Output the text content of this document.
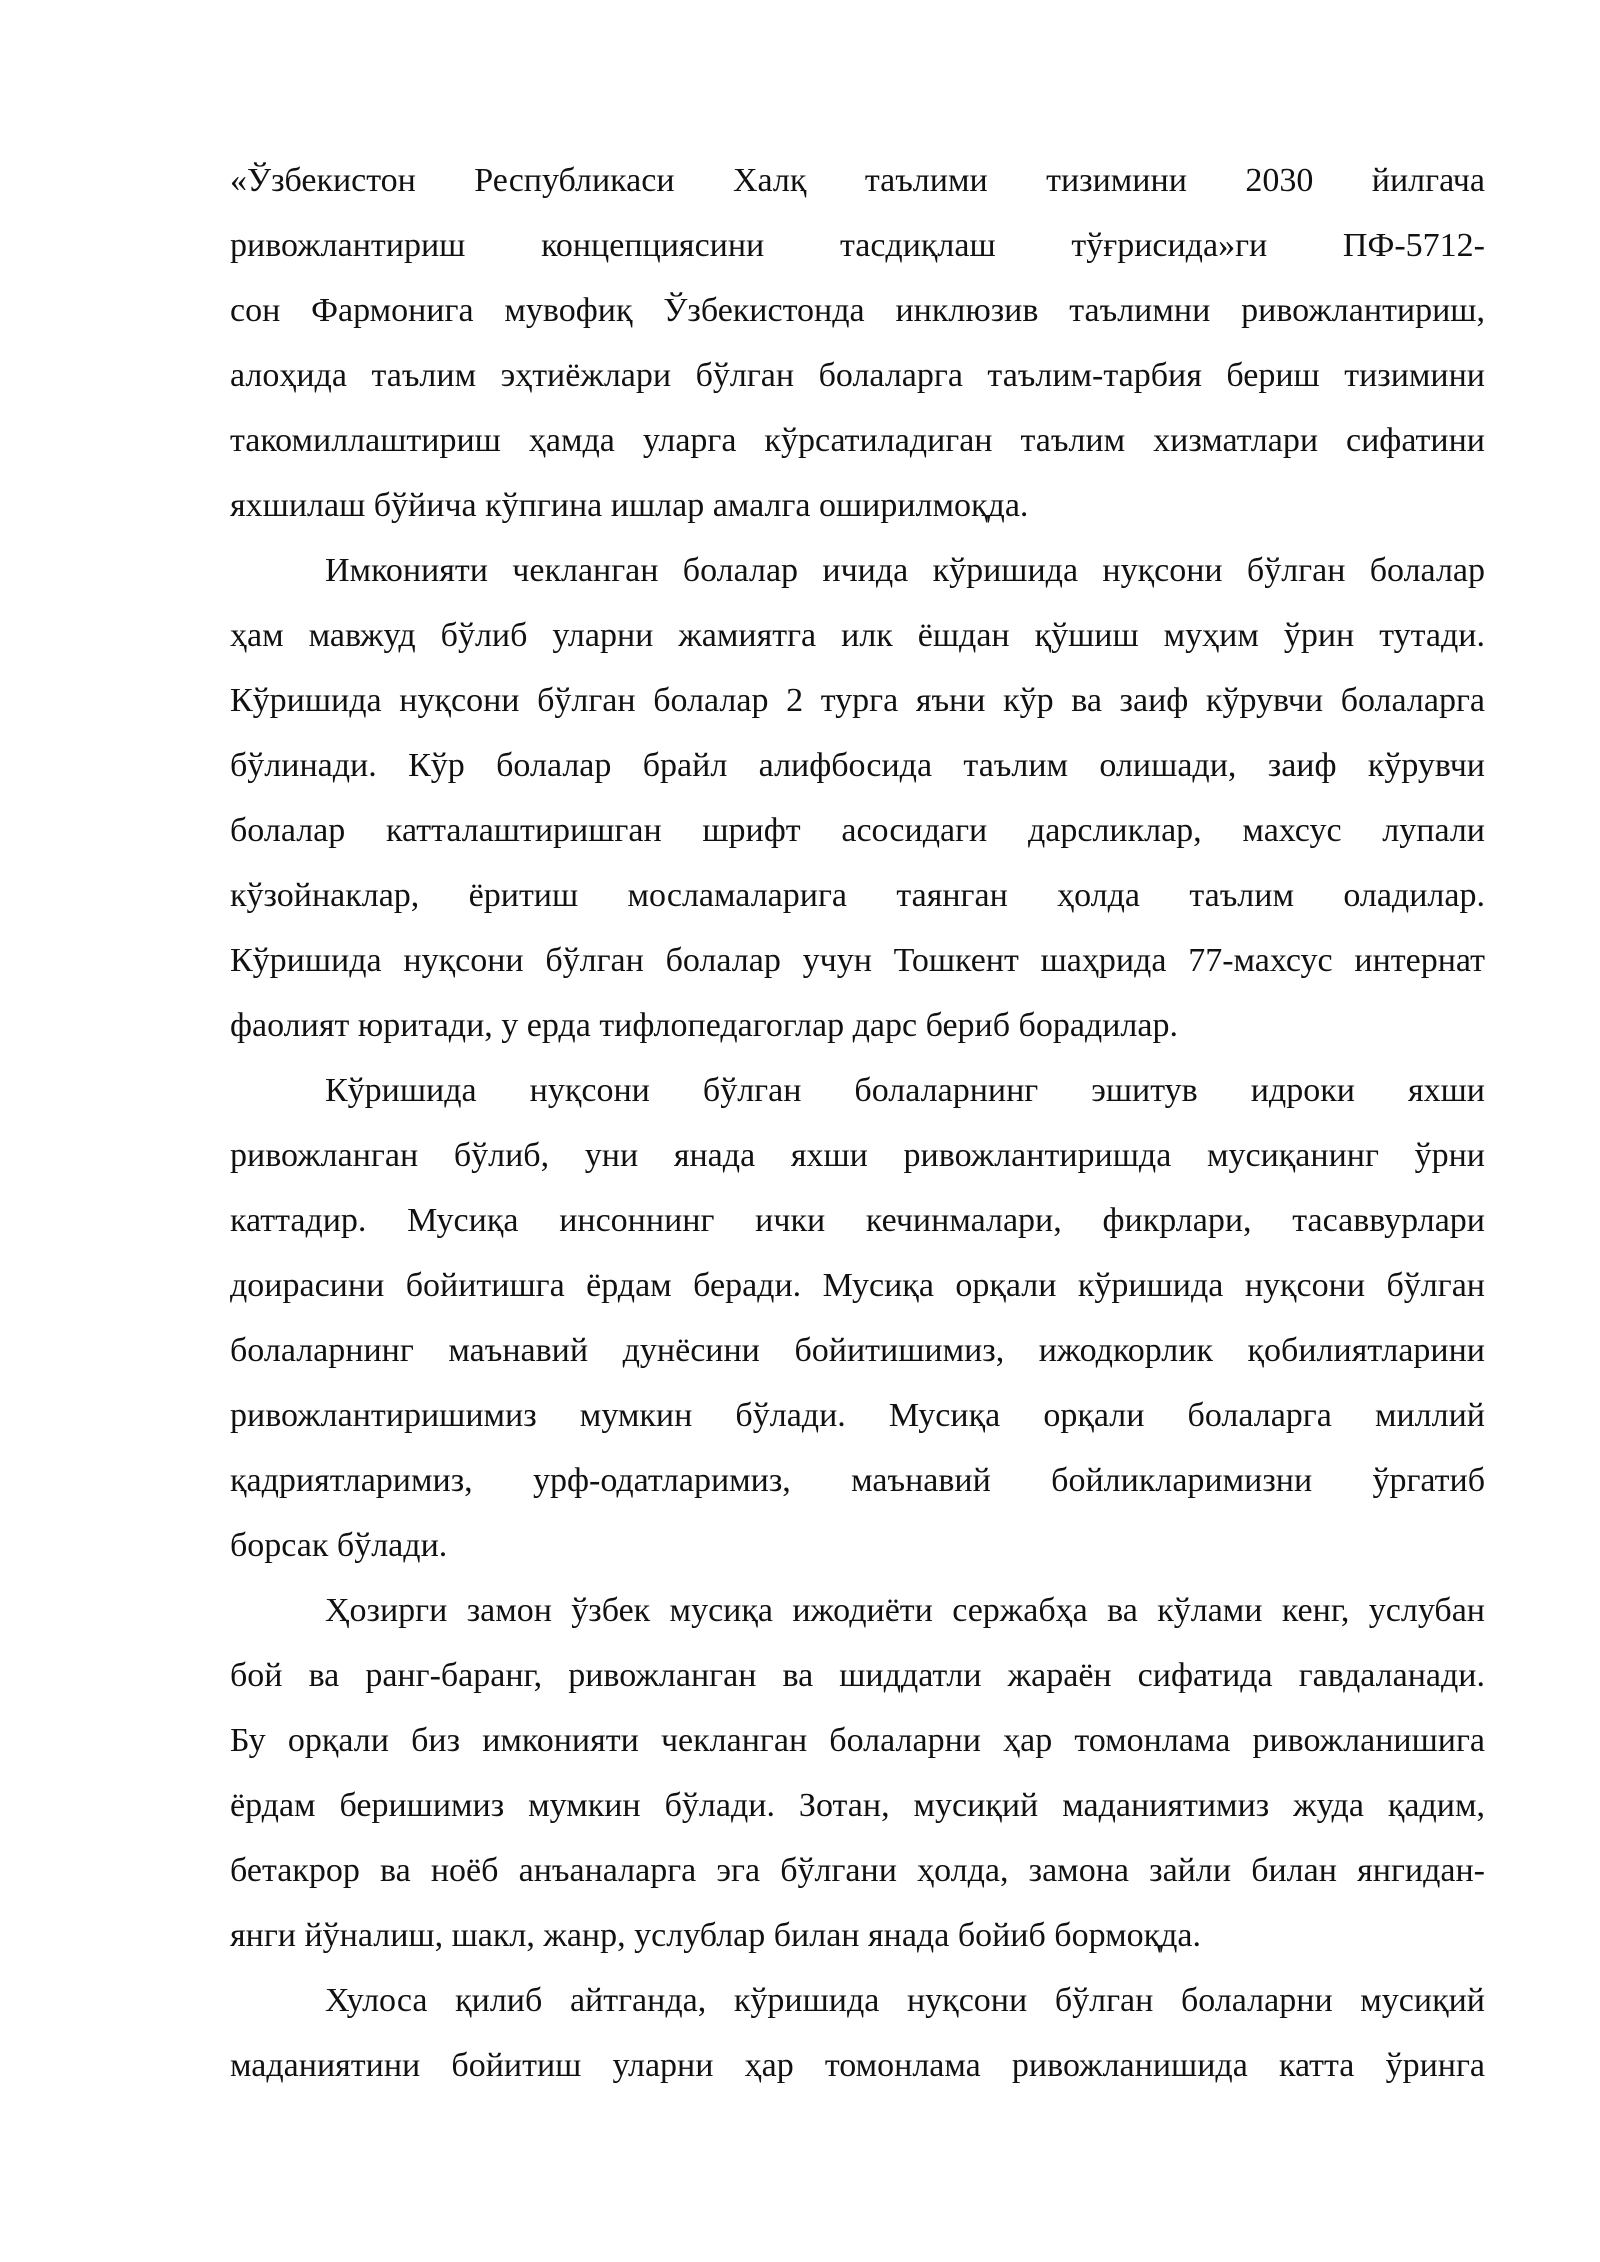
«Ўзбекистон Республикаси Халқ таълими тизимини 2030 йилгача
ривожлантириш концепциясини тасдиқлаш тўғрисида»ги ПФ-5712-
сон Фармонига мувофиқ Ўзбекистонда инклюзив таълимни ривожлантириш,
алоҳида таълим эҳтиёжлари бўлган болаларга таълим-тарбия бериш тизимини
такомиллаштириш ҳамда уларга кўрсатиладиган таълим хизматлари сифатини
яхшилаш бўйича кўпгина ишлар амалга оширилмоқда.
Имконияти чекланган болалар ичида кўришида нуқсони бўлган болалар
ҳам мавжуд бўлиб уларни жамиятга илк ёшдан қўшиш муҳим ўрин тутади.
Кўришида нуқсони бўлган болалар 2 турга яъни кўр ва заиф кўрувчи болаларга
бўлинади. Кўр болалар брайл алифбосида таълим олишади, заиф кўрувчи
болалар катталаштиришган шрифт асосидаги дарсликлар, махсус лупали
кўзойнаклар, ёритиш мосламаларига таянган ҳолда таълим оладилар.
Кўришида нуқсони бўлган болалар учун Тошкент шаҳрида 77-махсус интернат
фаолият юритади, у ерда тифлопедагоглар дарс бериб борадилар.
Кўришида нуқсони бўлган болаларнинг эшитув идроки яхши
ривожланган бўлиб, уни янада яхши ривожлантиришда мусиқанинг ўрни
каттадир. Мусиқа инсоннинг ички кечинмалари, фикрлари, тасаввурлари
доирасини бойитишга ёрдам беради. Мусиқа орқали кўришида нуқсони бўлган
болаларнинг маънавий дунёсини бойитишимиз, ижодкорлик қобилиятларини
ривожлантиришимиз мумкин бўлади. Мусиқа орқали болаларга миллий
қадриятларимиз, урф-одатларимиз, маънавий бойликларимизни ўргатиб
борсак бўлади.
Ҳозирги замон ўзбек мусиқа ижодиёти сержабҳа ва кўлами кенг, услубан
бой ва ранг-баранг, ривожланган ва шиддатли жараён сифатида гавдаланади.
Бу орқали биз имконияти чекланган болаларни ҳар томонлама ривожланишига
ёрдам беришимиз мумкин бўлади. Зотан, мусиқий маданиятимиз жуда қадим,
бетакрор ва ноёб анъаналарга эга бўлгани ҳолда, замона зайли билан янгидан-
янги йўналиш, шакл, жанр, услублар билан янада бойиб бормоқда.
Хулоса қилиб айтганда, кўришида нуқсони бўлган болаларни мусиқий
маданиятини бойитиш уларни ҳар томонлама ривожланишида катта ўринга
